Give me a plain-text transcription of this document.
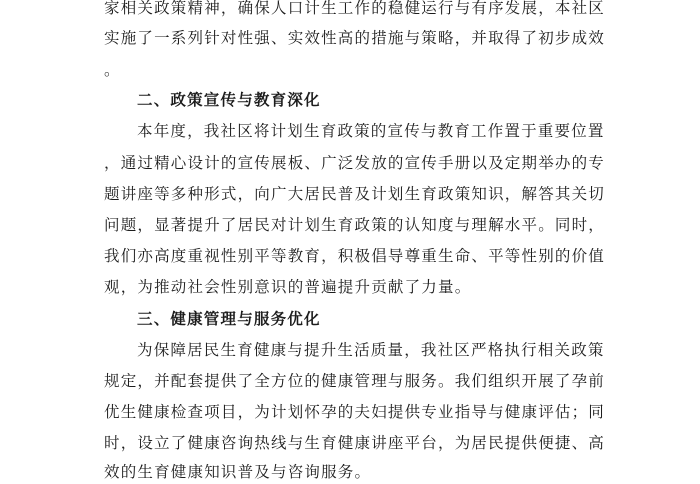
家相关政策精神，确保人口计生工作的稳健运行与有序发展，本社区
实施了一系列针对性强、实效性高的措施与策略，并取得了初步成效
。
二、政策宣传与教育深化
本年度，我社区将计划生育政策的宣传与教育工作置于重要位置
，通过精心设计的宣传展板、广泛发放的宣传手册以及定期举办的专
题讲座等多种形式，向广大居民普及计划生育政策知识，解答其关切
问题，显著提升了居民对计划生育政策的认知度与理解水平。同时，
我们亦高度重视性别平等教育，积极倡导尊重生命、平等性别的价值
观，为推动社会性别意识的普遍提升贡献了力量。
三、健康管理与服务优化
为保障居民生育健康与提升生活质量，我社区严格执行相关政策
规定，并配套提供了全方位的健康管理与服务。我们组织开展了孕前
优生健康检查项目，为计划怀孕的夫妇提供专业指导与健康评估；同
时，设立了健康咨询热线与生育健康讲座平台，为居民提供便捷、高
效的生育健康知识普及与咨询服务。
